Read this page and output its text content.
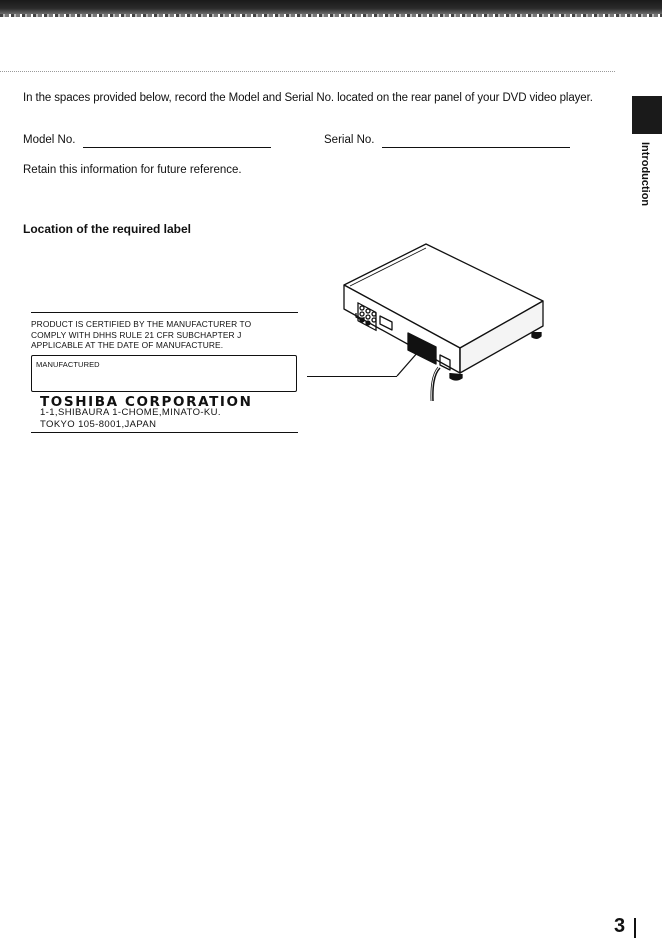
Introduction
In the spaces provided below, record the Model and Serial No. located on the rear panel of your DVD video player.
Model No.	Serial No.
Retain this information for future reference.
Location of the required label
PRODUCT IS CERTIFIED BY THE MANUFACTURER TO
COMPLY WITH DHHS RULE 21 CFR SUBCHAPTER J
APPLICABLE AT THE DATE OF MANUFACTURE.
MANUFACTURED
TOSHIBA CORPORATION
1-1,SHIBAURA 1-CHOME,MINATO-KU.
TOKYO 105-8001,JAPAN
3
